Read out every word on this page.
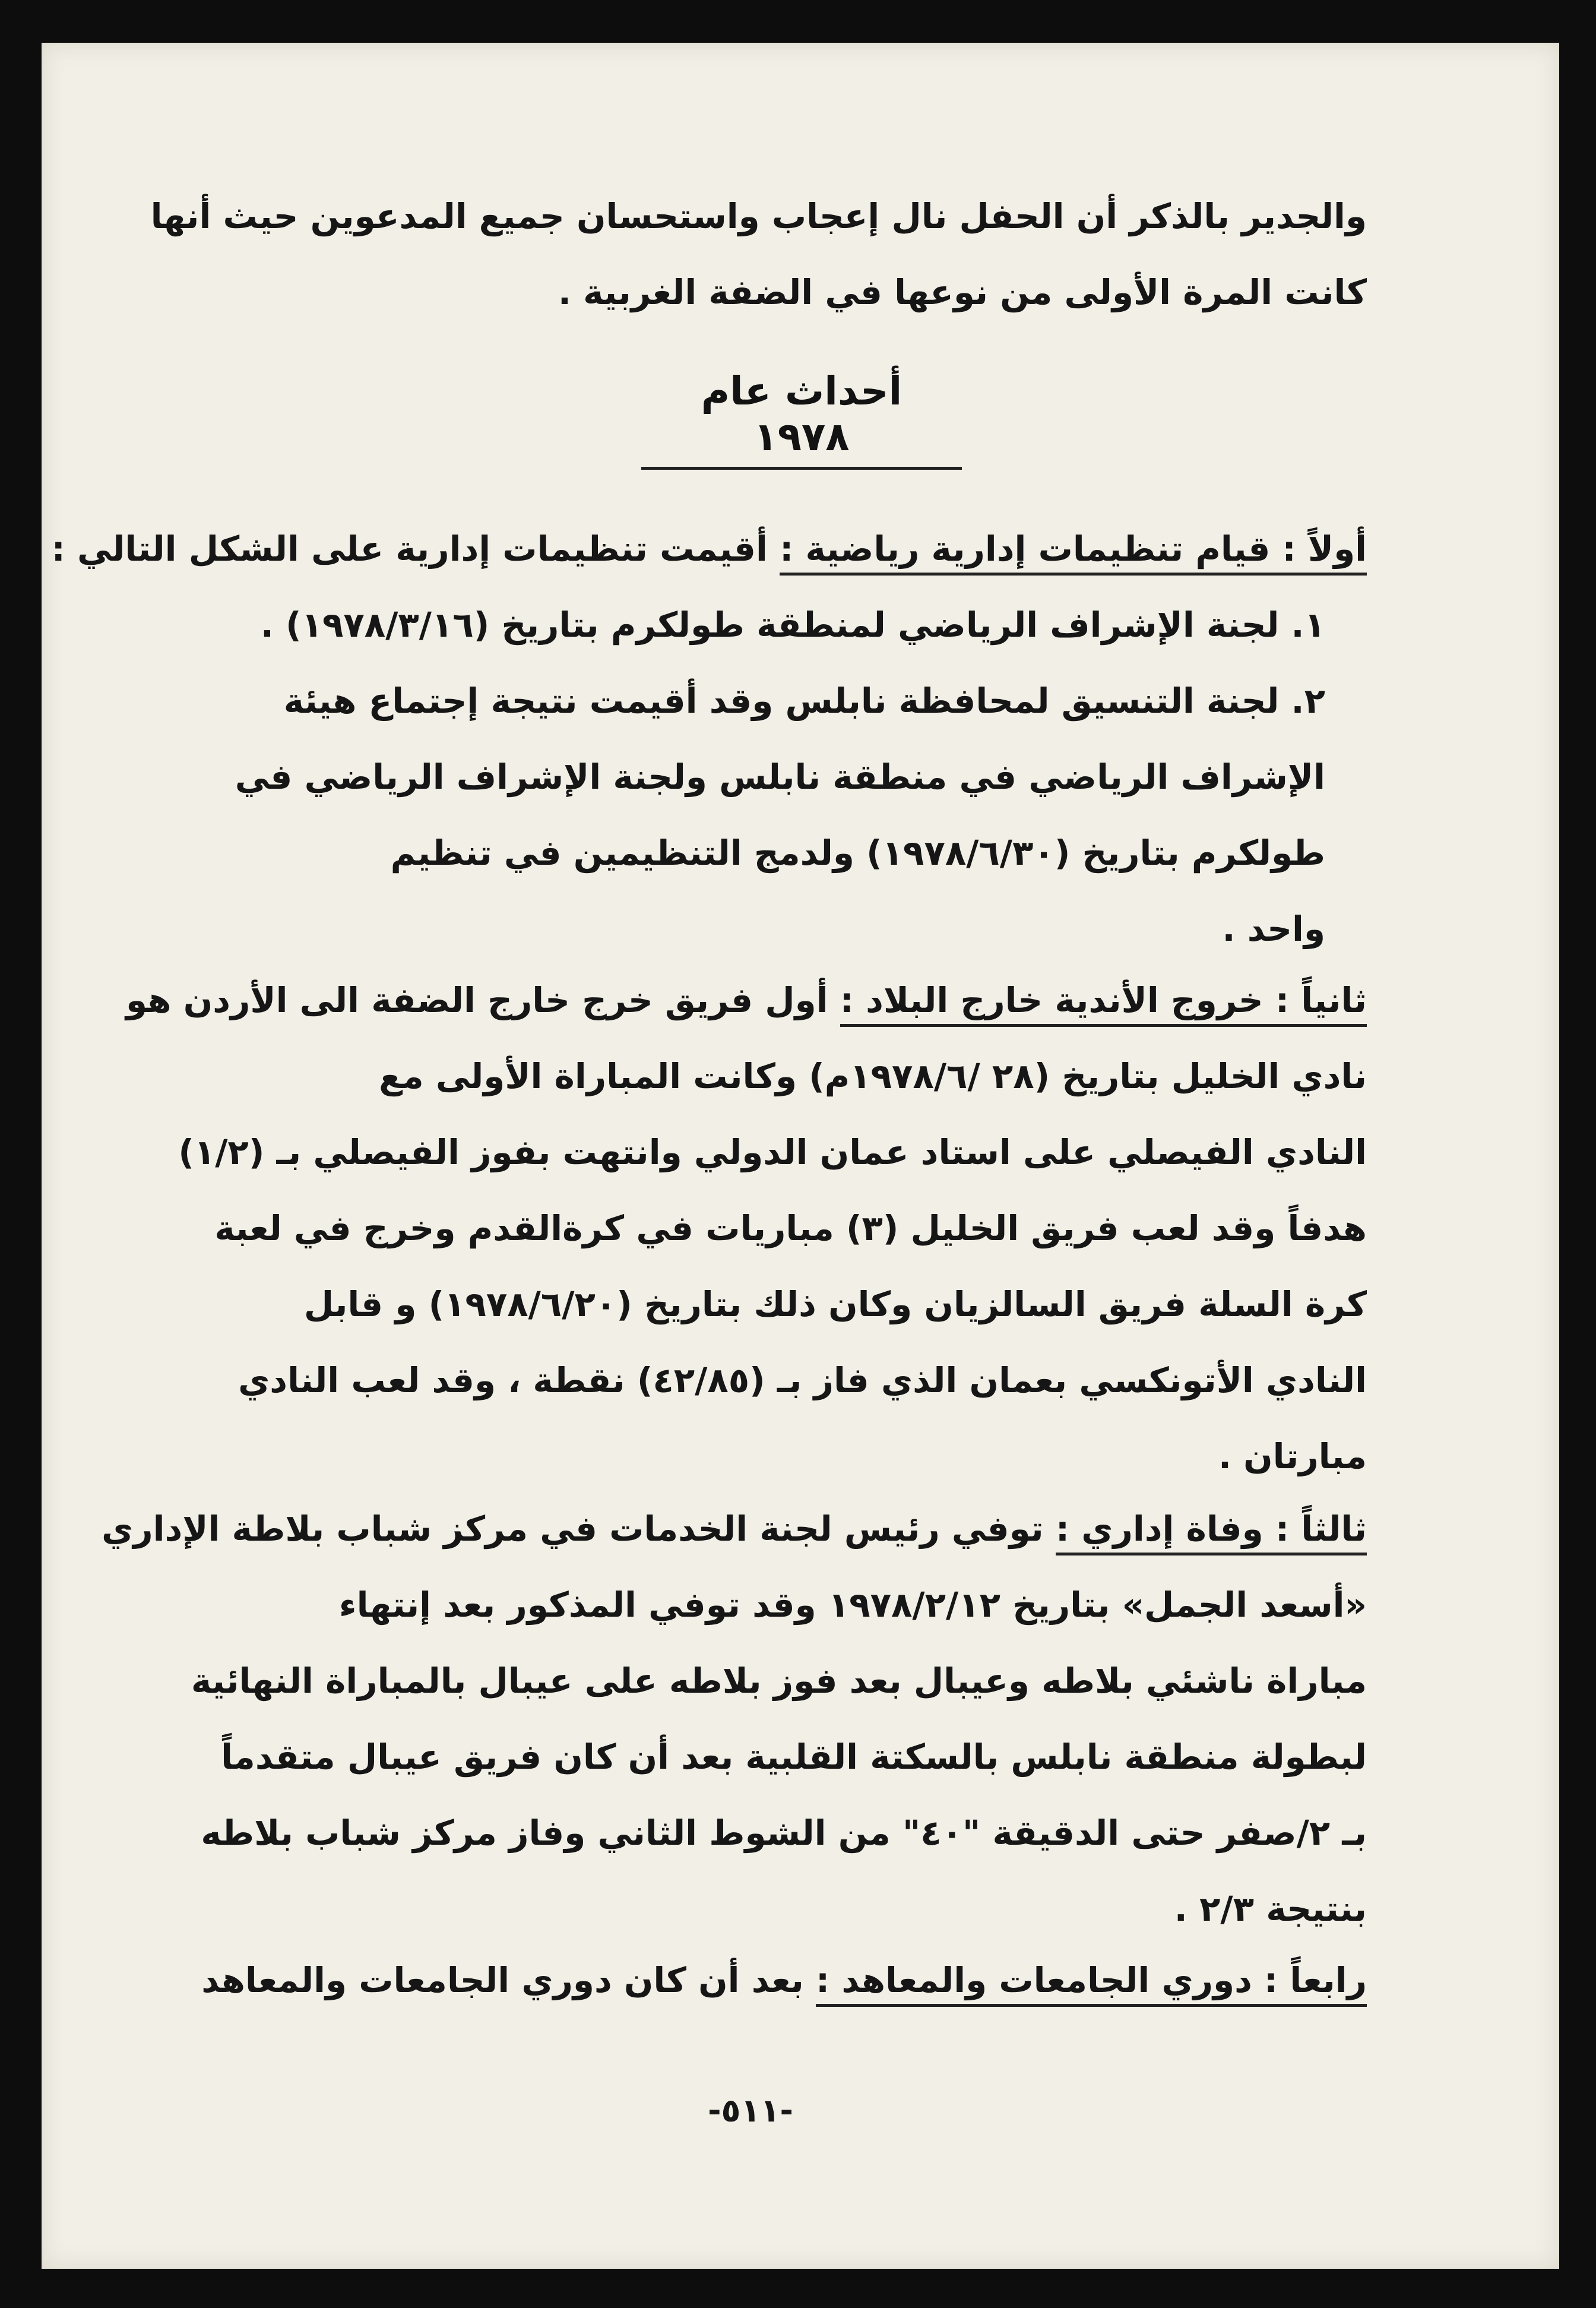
والجدير بالذكر أن الحفل نال إعجاب واستحسان جميع المدعوين حيث أنها
كانت المرة الأولى من نوعها في الضفة الغربية .
أحداث عام ١٩٧٨
أولاً : قيام تنظيمات إدارية رياضية : أقيمت تنظيمات إدارية على الشكل التالي :
١. لجنة الإشراف الرياضي لمنطقة طولكرم بتاريخ (١٩٧٨/٣/١٦) .
٢. لجنة التنسيق لمحافظة نابلس وقد أقيمت نتيجة إجتماع هيئة
الإشراف الرياضي في منطقة نابلس ولجنة الإشراف الرياضي في
طولكرم بتاريخ (١٩٧٨/٦/٣٠) ولدمج التنظيمين في تنظيم
واحد .
ثانياً : خروج الأندية خارج البلاد : أول فريق خرج خارج الضفة الى الأردن هو
نادي الخليل بتاريخ (٢٨ /١٩٧٨/٦م) وكانت المباراة الأولى مع
النادي الفيصلي على استاد عمان الدولي وانتهت بفوز الفيصلي بـ (١/٢)
هدفاً وقد لعب فريق الخليل (٣) مباريات في كرةالقدم وخرج في لعبة
كرة السلة فريق السالزيان وكان ذلك بتاريخ (١٩٧٨/٦/٢٠) و قابل
النادي الأتونكسي بعمان الذي فاز بـ (٤٢/٨٥) نقطة ، وقد لعب النادي
مبارتان .
ثالثاً : وفاة إداري : توفي رئيس لجنة الخدمات في مركز شباب بلاطة الإداري
«أسعد الجمل» بتاريخ ١٩٧٨/٢/١٢ وقد توفي المذكور بعد إنتهاء
مباراة ناشئي بلاطه وعيبال بعد فوز بلاطه على عيبال بالمباراة النهائية
لبطولة منطقة نابلس بالسكتة القلبية بعد أن كان فريق عيبال متقدماً
بـ ٢/صفر حتى الدقيقة "٤٠" من الشوط الثاني وفاز مركز شباب بلاطه
بنتيجة ٢/٣ .
رابعاً : دوري الجامعات والمعاهد : بعد أن كان دوري الجامعات والمعاهد
-٥١١-
